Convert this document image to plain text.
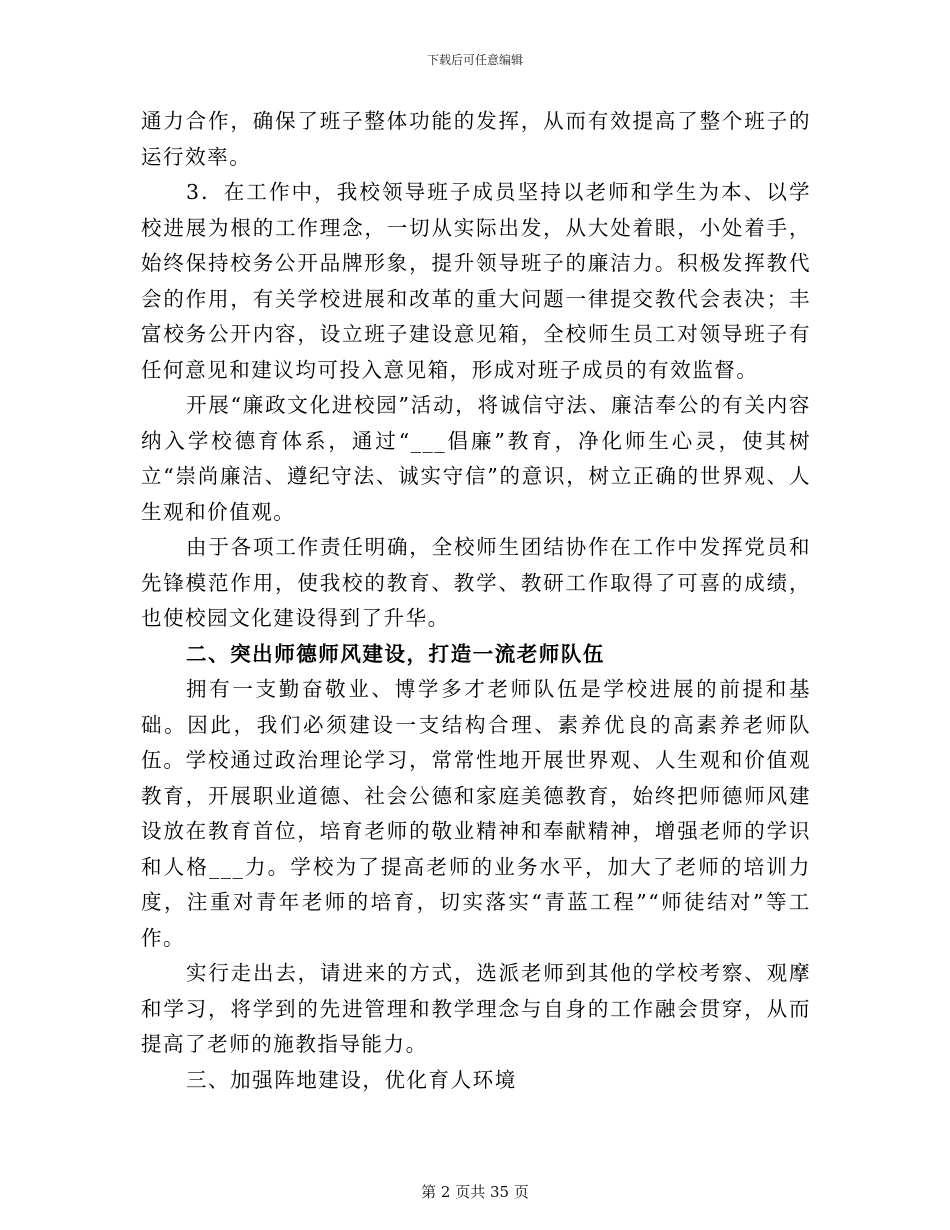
下载后可任意编辑

通力合作，确保了班子整体功能的发挥，从而有效提高了整个班子的运行效率。

3．在工作中，我校领导班子成员坚持以老师和学生为本、以学校进展为根的工作理念，一切从实际出发，从大处着眼，小处着手，始终保持校务公开品牌形象，提升领导班子的廉洁力。积极发挥教代会的作用，有关学校进展和改革的重大问题一律提交教代会表决；丰富校务公开内容，设立班子建设意见箱，全校师生员工对领导班子有任何意见和建议均可投入意见箱，形成对班子成员的有效监督。

开展“廉政文化进校园”活动，将诚信守法、廉洁奉公的有关内容纳入学校德育体系，通过“___倡廉”教育，净化师生心灵，使其树立“崇尚廉洁、遵纪守法、诚实守信”的意识，树立正确的世界观、人生观和价值观。

由于各项工作责任明确，全校师生团结协作在工作中发挥党员和先锋模范作用，使我校的教育、教学、教研工作取得了可喜的成绩，也使校园文化建设得到了升华。

二、突出师德师风建设，打造一流老师队伍

拥有一支勤奋敬业、博学多才老师队伍是学校进展的前提和基础。因此，我们必须建设一支结构合理、素养优良的高素养老师队伍。学校通过政治理论学习，常常性地开展世界观、人生观和价值观教育，开展职业道德、社会公德和家庭美德教育，始终把师德师风建设放在教育首位，培育老师的敬业精神和奉献精神，增强老师的学识和人格___力。学校为了提高老师的业务水平，加大了老师的培训力度，注重对青年老师的培育，切实落实“青蓝工程”“师徒结对”等工作。

实行走出去，请进来的方式，选派老师到其他的学校考察、观摩和学习，将学到的先进管理和教学理念与自身的工作融会贯穿，从而提高了老师的施教指导能力。

三、加强阵地建设，优化育人环境

第 2 页共 35 页
